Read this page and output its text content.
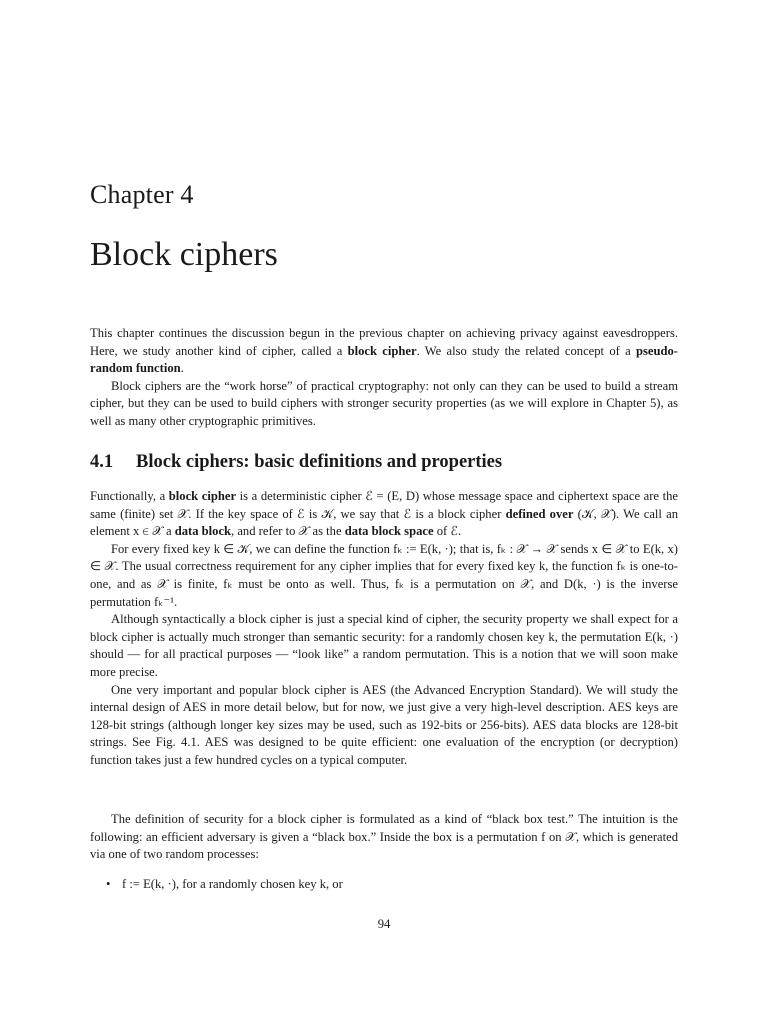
Chapter 4
Block ciphers

This chapter continues the discussion begun in the previous chapter on achieving privacy against eavesdroppers. Here, we study another kind of cipher, called a block cipher. We also study the related concept of a pseudo-random function.

Block ciphers are the “work horse” of practical cryptography: not only can they can be used to build a stream cipher, but they can be used to build ciphers with stronger security properties (as we will explore in Chapter 5), as well as many other cryptographic primitives.

4.1 Block ciphers: basic definitions and properties

Functionally, a block cipher is a deterministic cipher ℰ = (E, D) whose message space and ciphertext space are the same (finite) set 𝒳. If the key space of ℰ is 𝒦, we say that ℰ is a block cipher defined over (𝒦, 𝒳). We call an element x ∈ 𝒳 a data block, and refer to 𝒳 as the data block space of ℰ.

For every fixed key k ∈ 𝒦, we can define the function fₖ := E(k, ·); that is, fₖ : 𝒳 → 𝒳 sends x ∈ 𝒳 to E(k, x) ∈ 𝒳. The usual correctness requirement for any cipher implies that for every fixed key k, the function fₖ is one-to-one, and as 𝒳 is finite, fₖ must be onto as well. Thus, fₖ is a permutation on 𝒳, and D(k, ·) is the inverse permutation fₖ⁻¹.

Although syntactically a block cipher is just a special kind of cipher, the security property we shall expect for a block cipher is actually much stronger than semantic security: for a randomly chosen key k, the permutation E(k, ·) should — for all practical purposes — “look like” a random permutation. This is a notion that we will soon make more precise.

One very important and popular block cipher is AES (the Advanced Encryption Standard). We will study the internal design of AES in more detail below, but for now, we just give a very high-level description. AES keys are 128-bit strings (although longer key sizes may be used, such as 192-bits or 256-bits). AES data blocks are 128-bit strings. See Fig. 4.1. AES was designed to be quite efficient: one evaluation of the encryption (or decryption) function takes just a few hundred cycles on a typical computer.

The definition of security for a block cipher is formulated as a kind of “black box test.” The intuition is the following: an efficient adversary is given a “black box.” Inside the box is a permutation f on 𝒳, which is generated via one of two random processes:

• f := E(k, ·), for a randomly chosen key k, or
94
